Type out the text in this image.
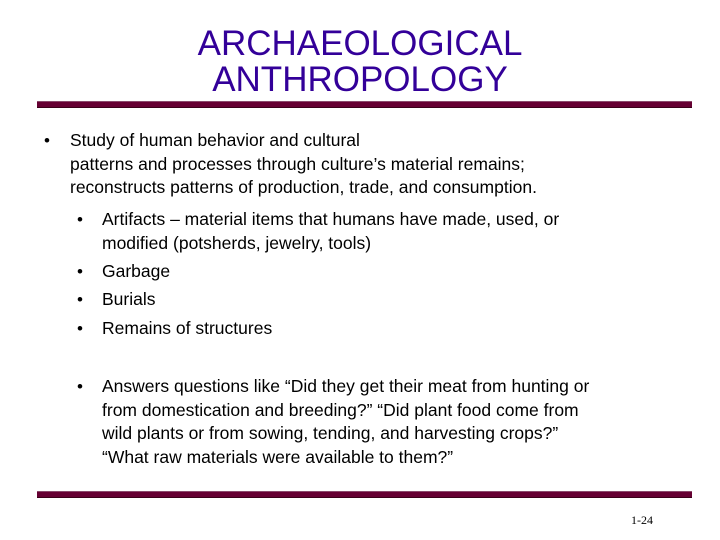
ARCHAEOLOGICAL
ANTHROPOLOGY
• Study of human behavior and cultural
patterns and processes through culture’s material remains;
reconstructs patterns of production, trade, and consumption.
• Artifacts – material items that humans have made, used, or
modified (potsherds, jewelry, tools)
• Garbage
• Burials
• Remains of structures
• Answers questions like “Did they get their meat from hunting or
from domestication and breeding?” “Did plant food come from
wild plants or from sowing, tending, and harvesting crops?”
“What raw materials were available to them?”
1-24
